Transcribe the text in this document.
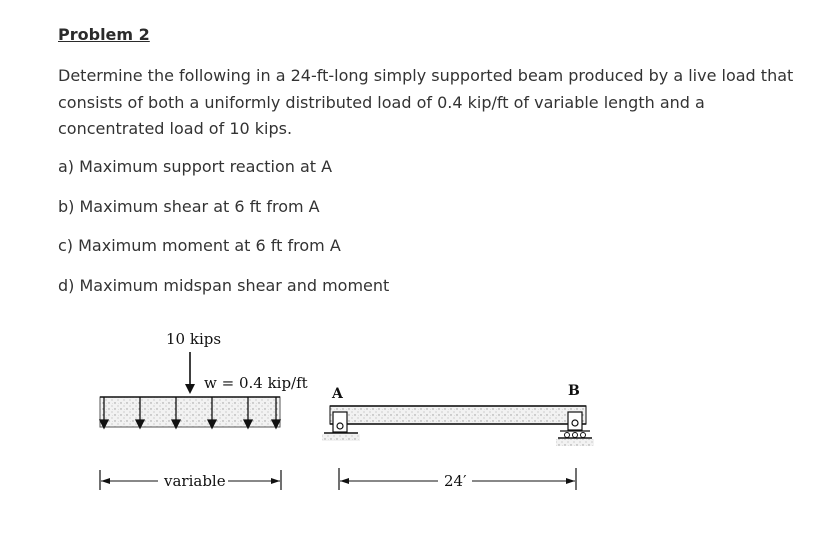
Problem 2
Determine the following in a 24-ft-long simply supported beam produced by a live load that consists of both a uniformly distributed load of 0.4 kip/ft of variable length and a concentrated load of 10 kips.
a) Maximum support reaction at A
b) Maximum shear at 6 ft from A
c) Maximum moment at 6 ft from A
d) Maximum midspan shear and moment
10 kips
w = 0.4 kip/ft
variable
A	B
24′
